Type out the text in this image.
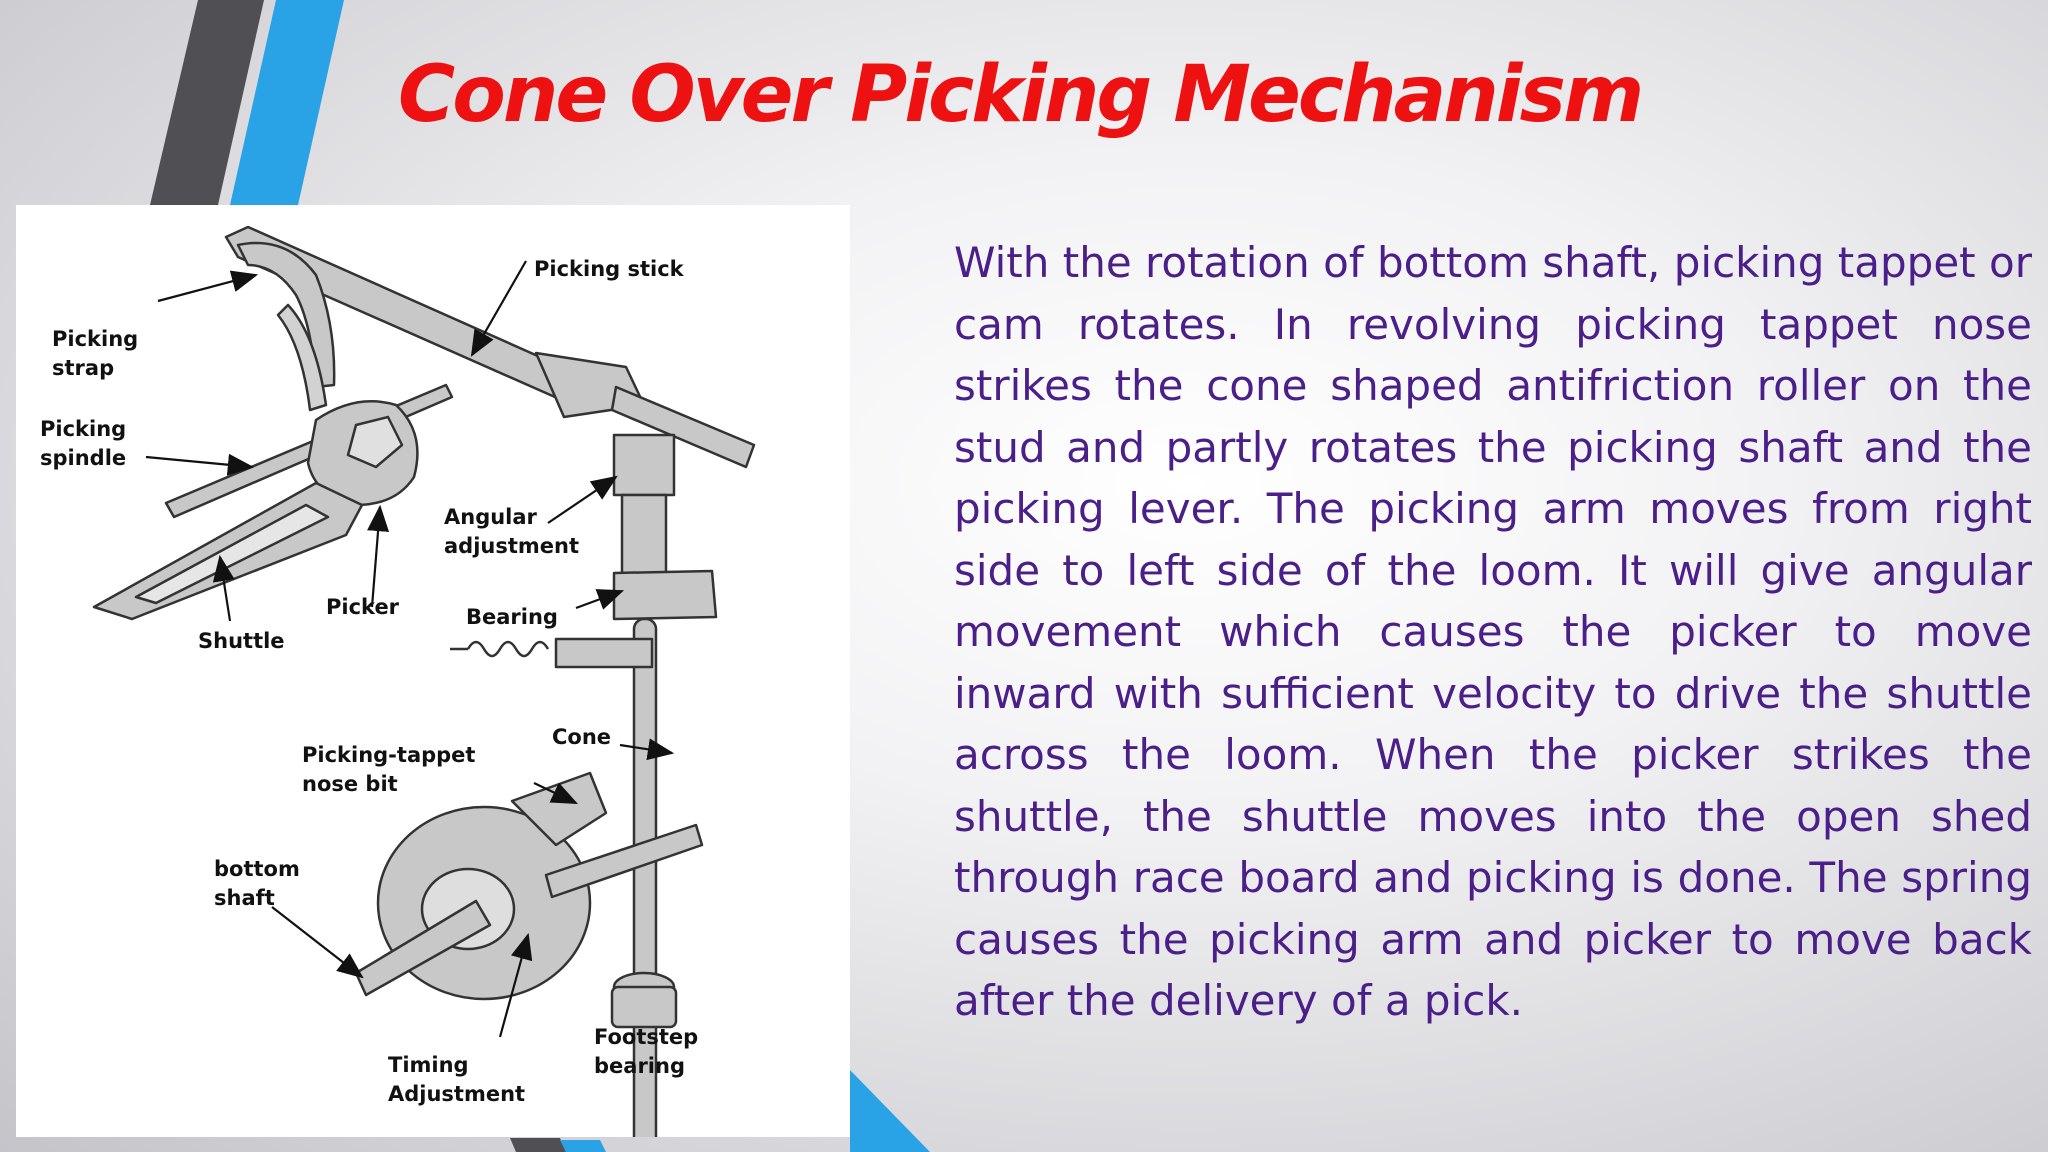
Cone Over Picking Mechanism
Picking stick
Picking
strap
Picking
spindle
Angular
adjustment
Picker	Bearing
Shuttle
Cone
Picking-tappet
nose bit
bottom
shaft
Footstep
bearing
Timing
Adjustment

With the rotation of bottom shaft, picking tappet or cam rotates. In revolving picking tappet nose strikes the cone shaped antifriction roller on the stud and partly rotates the picking shaft and the picking lever. The picking arm moves from right side to left side of the loom. It will give angular movement which causes the picker to move inward with sufficient velocity to drive the shuttle across the loom. When the picker strikes the shuttle, the shuttle moves into the open shed through race board and picking is done. The spring causes the picking arm and picker to move back after the delivery of a pick.
